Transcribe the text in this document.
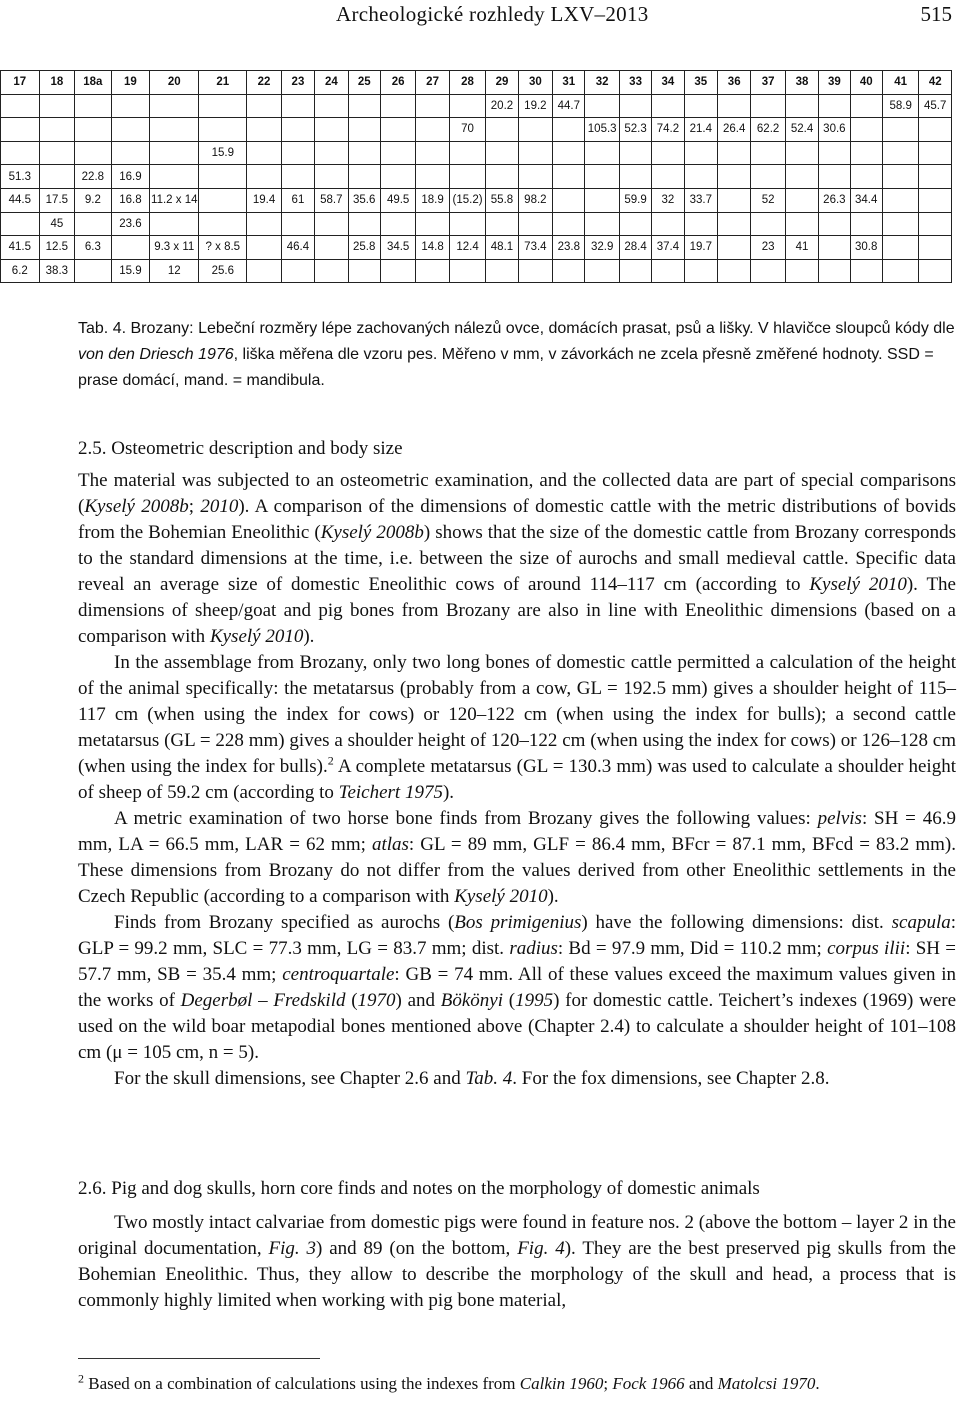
Archeologické rozhledy LXV–2013	515
17	18	18a	19	20	21	22	23	24	25	26	27	28	29	30	31	32	33	34	35	36	37	38	39	40	41	42
													20.2	19.2	44.7										58.9	45.7
												70				105.3	52.3	74.2	21.4	26.4	62.2	52.4	30.6			
					15.9																					
51.3		22.8	16.9																							
44.5	17.5	9.2	16.8	11.2 x 14		19.4	61	58.7	35.6	49.5	18.9	(15.2)	55.8	98.2			59.9	32	33.7		52		26.3	34.4		
	45		23.6																							
41.5	12.5	6.3		9.3 x 11	? x 8.5		46.4		25.8	34.5	14.8	12.4	48.1	73.4	23.8	32.9	28.4	37.4	19.7		23	41		30.8		
6.2	38.3		15.9	12	25.6																					
Tab. 4. Brozany: Lebeční rozměry lépe zachovaných nálezů ovce, domácích prasat, psů a lišky. V hlavičce sloupců kódy dle von den Driesch 1976, liška měřena dle vzoru pes. Měřeno v mm, v závorkách ne zcela přesně změřené hodnoty. SSD = prase domácí, mand. = mandibula.
2.5. Osteometric description and body size

The material was subjected to an osteometric examination, and the collected data are part of special comparisons (Kyselý 2008b; 2010). A comparison of the dimensions of domestic cattle with the metric distributions of bovids from the Bohemian Eneolithic (Kyselý 2008b) shows that the size of the domestic cattle from Brozany corresponds to the standard dimensions at the time, i.e. between the size of aurochs and small medieval cattle. Specific data reveal an average size of domestic Eneolithic cows of around 114–117 cm (according to Kyselý 2010). The dimensions of sheep/goat and pig bones from Brozany are also in line with Eneolithic dimensions (based on a comparison with Kyselý 2010).

In the assemblage from Brozany, only two long bones of domestic cattle permitted a calculation of the height of the animal specifically: the metatarsus (probably from a cow, GL = 192.5 mm) gives a shoulder height of 115–117 cm (when using the index for cows) or 120–122 cm (when using the index for bulls); a second cattle metatarsus (GL = 228 mm) gives a shoulder height of 120–122 cm (when using the index for cows) or 126–128 cm (when using the index for bulls).$^2$ A complete metatarsus (GL = 130.3 mm) was used to calculate a shoulder height of sheep of 59.2 cm (according to Teichert 1975).

A metric examination of two horse bone finds from Brozany gives the following values: pelvis: SH = 46.9 mm, LA = 66.5 mm, LAR = 62 mm; atlas: GL = 89 mm, GLF = 86.4 mm, BFcr = 87.1 mm, BFcd = 83.2 mm). These dimensions from Brozany do not differ from the values derived from other Eneolithic settlements in the Czech Republic (according to a comparison with Kyselý 2010).

Finds from Brozany specified as aurochs (Bos primigenius) have the following dimensions: dist. scapula: GLP = 99.2 mm, SLC = 77.3 mm, LG = 83.7 mm; dist. radius: Bd = 97.9 mm, Did = 110.2 mm; corpus ilii: SH = 57.7 mm, SB = 35.4 mm; centroquartale: GB = 74 mm. All of these values exceed the maximum values given in the works of Degerbøl – Fredskild (1970) and Bökönyi (1995) for domestic cattle. Teichert’s indexes (1969) were used on the wild boar metapodial bones mentioned above (Chapter 2.4) to calculate a shoulder height of 101–108 cm (μ = 105 cm, n = 5).

For the skull dimensions, see Chapter 2.6 and Tab. 4. For the fox dimensions, see Chapter 2.8.

2.6. Pig and dog skulls, horn core finds and notes on the morphology of domestic animals

Two mostly intact calvariae from domestic pigs were found in feature nos. 2 (above the bottom – layer 2 in the original documentation, Fig. 3) and 89 (on the bottom, Fig. 4). They are the best preserved pig skulls from the Bohemian Eneolithic. Thus, they allow to describe the morphology of the skull and head, a process that is commonly highly limited when working with pig bone material,

$^2$ Based on a combination of calculations using the indexes from Calkin 1960; Fock 1966 and Matolcsi 1970.
